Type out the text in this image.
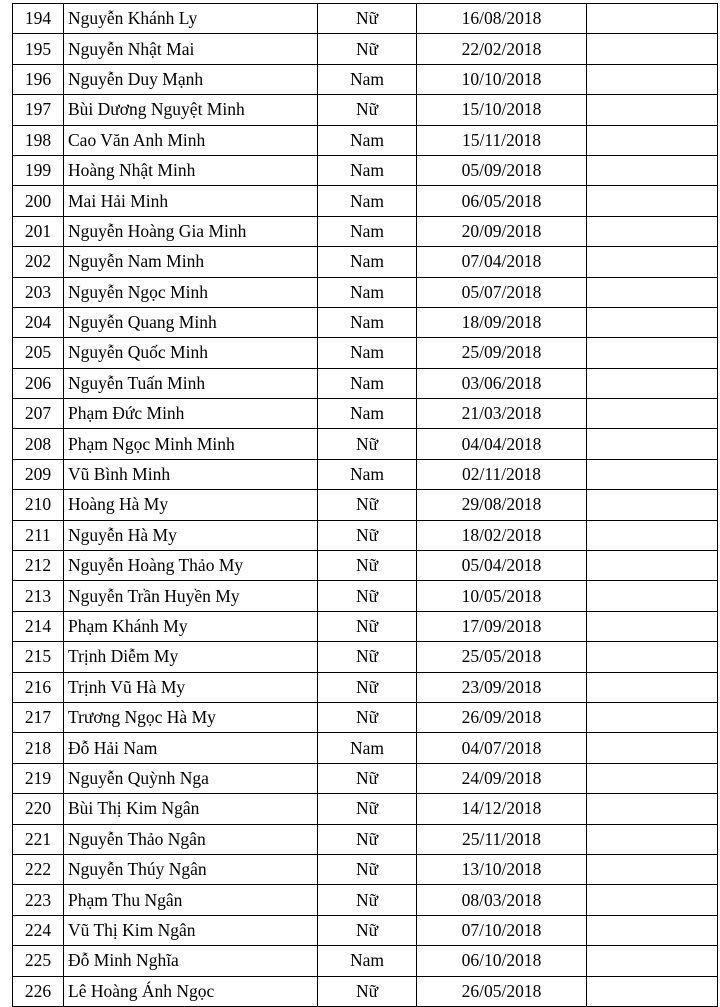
194	Nguyễn Khánh Ly	Nữ	16/08/2018	
195	Nguyễn Nhật Mai	Nữ	22/02/2018	
196	Nguyễn Duy Mạnh	Nam	10/10/2018	
197	Bùi Dương Nguyệt Minh	Nữ	15/10/2018	
198	Cao Văn Anh Minh	Nam	15/11/2018	
199	Hoàng Nhật Minh	Nam	05/09/2018	
200	Mai Hải Minh	Nam	06/05/2018	
201	Nguyễn Hoàng Gia Minh	Nam	20/09/2018	
202	Nguyễn Nam Minh	Nam	07/04/2018	
203	Nguyễn Ngọc Minh	Nam	05/07/2018	
204	Nguyễn Quang Minh	Nam	18/09/2018	
205	Nguyễn Quốc Minh	Nam	25/09/2018	
206	Nguyễn Tuấn Minh	Nam	03/06/2018	
207	Phạm Đức Minh	Nam	21/03/2018	
208	Phạm Ngọc Minh Minh	Nữ	04/04/2018	
209	Vũ Bình Minh	Nam	02/11/2018	
210	Hoàng Hà My	Nữ	29/08/2018	
211	Nguyễn Hà My	Nữ	18/02/2018	
212	Nguyễn Hoàng Thảo My	Nữ	05/04/2018	
213	Nguyễn Trần Huyền My	Nữ	10/05/2018	
214	Phạm Khánh My	Nữ	17/09/2018	
215	Trịnh Diễm My	Nữ	25/05/2018	
216	Trịnh Vũ Hà My	Nữ	23/09/2018	
217	Trương Ngọc Hà My	Nữ	26/09/2018	
218	Đỗ Hải Nam	Nam	04/07/2018	
219	Nguyễn Quỳnh Nga	Nữ	24/09/2018	
220	Bùi Thị Kim Ngân	Nữ	14/12/2018	
221	Nguyễn Thảo Ngân	Nữ	25/11/2018	
222	Nguyễn Thúy Ngân	Nữ	13/10/2018	
223	Phạm Thu Ngân	Nữ	08/03/2018	
224	Vũ Thị Kim Ngân	Nữ	07/10/2018	
225	Đỗ Minh Nghĩa	Nam	06/10/2018	
226	Lê Hoàng Ánh Ngọc	Nữ	26/05/2018	
